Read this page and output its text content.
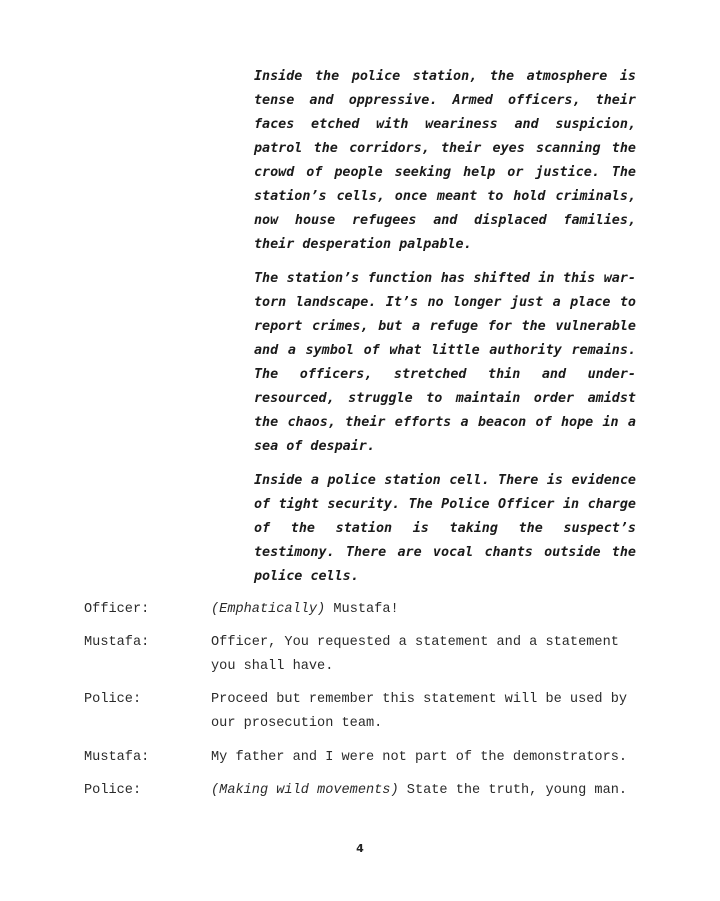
Inside the police station, the atmosphere is tense and oppressive. Armed officers, their faces etched with weariness and suspicion, patrol the corridors, their eyes scanning the crowd of people seeking help or justice. The station’s cells, once meant to hold criminals, now house refugees and displaced families, their desperation palpable.
The station’s function has shifted in this war-torn landscape. It’s no longer just a place to report crimes, but a refuge for the vulnerable and a symbol of what little authority remains. The officers, stretched thin and under-resourced, struggle to maintain order amidst the chaos, their efforts a beacon of hope in a sea of despair.
Inside a police station cell. There is evidence of tight security. The Police Officer in charge of the station is taking the suspect’s testimony. There are vocal chants outside the police cells.
Officer:	(Emphatically) Mustafa!
Mustafa:	Officer, You requested a statement and a statement you shall have.
Police:	Proceed but remember this statement will be used by our prosecution team.
Mustafa:	My father and I were not part of the demonstrators.
Police:	(Making wild movements) State the truth, young man.
4
